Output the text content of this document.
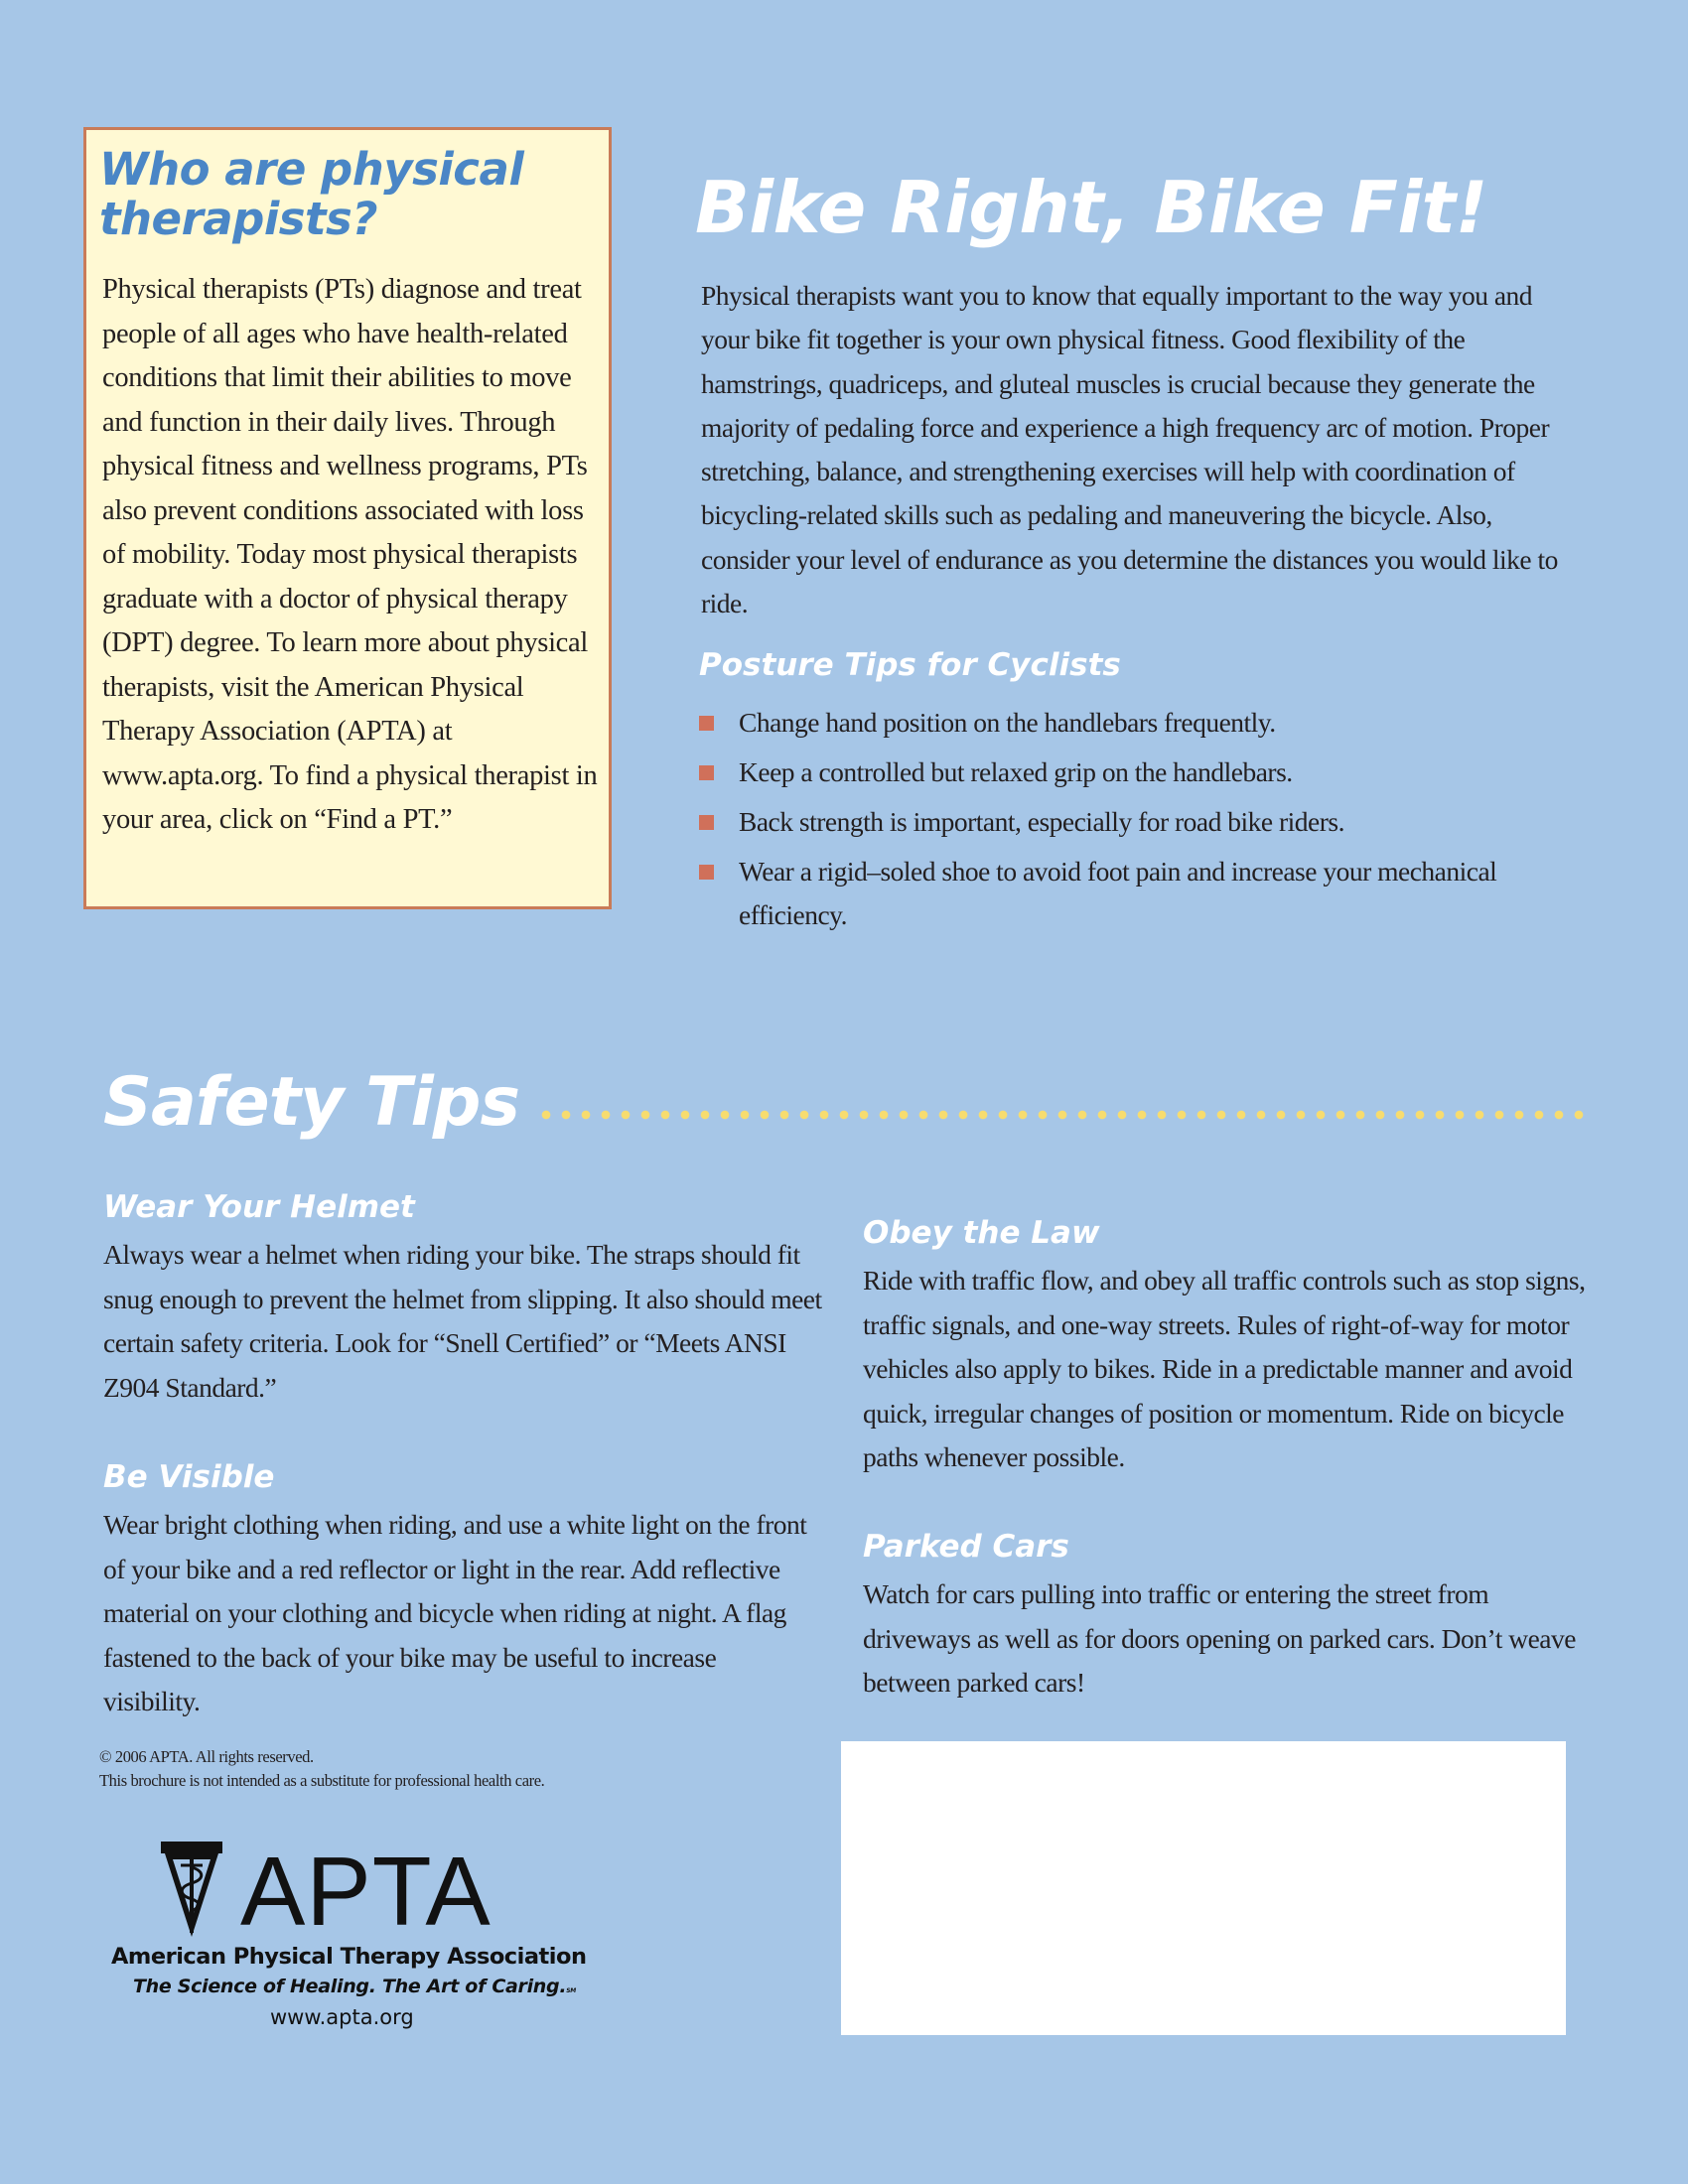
Who are physical therapists?
Physical therapists (PTs) diagnose and treat people of all ages who have health-related conditions that limit their abilities to move and function in their daily lives. Through physical fitness and wellness programs, PTs also prevent conditions associated with loss of mobility. Today most physical therapists graduate with a doctor of physical therapy (DPT) degree. To learn more about physical therapists, visit the American Physical Therapy Association (APTA) at www.apta.org. To find a physical therapist in your area, click on “Find a PT.”
Bike Right, Bike Fit!
Physical therapists want you to know that equally important to the way you and your bike fit together is your own physical fitness. Good flexibility of the hamstrings, quadriceps, and gluteal muscles is crucial because they generate the majority of pedaling force and experience a high frequency arc of motion. Proper stretching, balance, and strengthening exercises will help with coordination of bicycling-related skills such as pedaling and maneuvering the bicycle. Also, consider your level of endurance as you determine the distances you would like to ride.
Posture Tips for Cyclists
Change hand position on the handlebars frequently.
Keep a controlled but relaxed grip on the handlebars.
Back strength is important, especially for road bike riders.
Wear a rigid–soled shoe to avoid foot pain and increase your mechanical efficiency.
Safety Tips
Wear Your Helmet
Always wear a helmet when riding your bike. The straps should fit snug enough to prevent the helmet from slipping. It also should meet certain safety criteria. Look for “Snell Certified” or “Meets ANSI Z904 Standard.”
Be Visible
Wear bright clothing when riding, and use a white light on the front of your bike and a red reflector or light in the rear. Add reflective material on your clothing and bicycle when riding at night. A flag fastened to the back of your bike may be useful to increase visibility.
Obey the Law
Ride with traffic flow, and obey all traffic controls such as stop signs, traffic signals, and one-way streets. Rules of right-of-way for motor vehicles also apply to bikes. Ride in a predictable manner and avoid quick, irregular changes of position or momentum. Ride on bicycle paths whenever possible.
Parked Cars
Watch for cars pulling into traffic or entering the street from driveways as well as for doors opening on parked cars. Don’t weave between parked cars!
© 2006 APTA. All rights reserved.
This brochure is not intended as a substitute for professional health care.
APTA
American Physical Therapy Association
The Science of Healing. The Art of Caring.SM
www.apta.org
